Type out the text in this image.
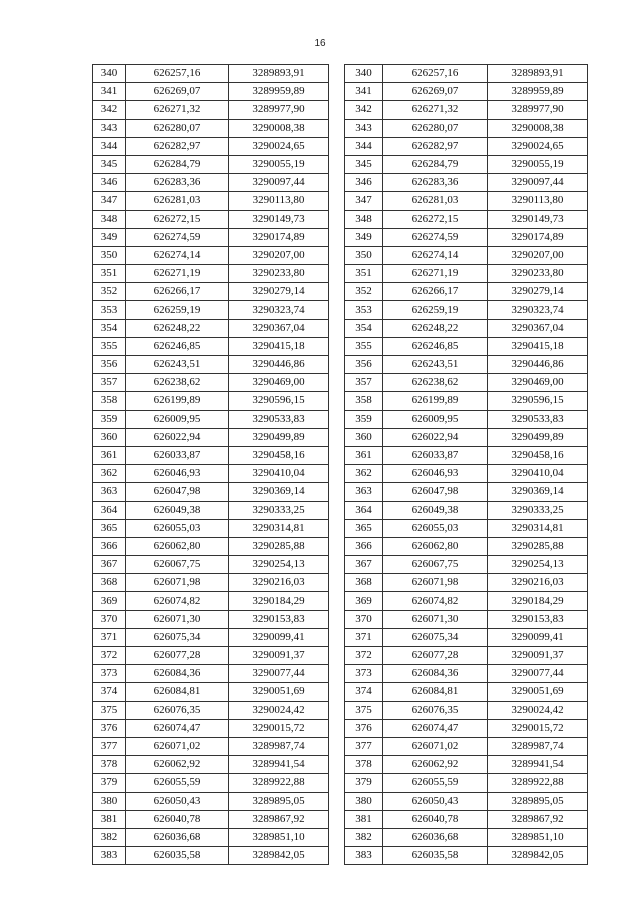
16
340	626257,16	3289893,91
341	626269,07	3289959,89
342	626271,32	3289977,90
343	626280,07	3290008,38
344	626282,97	3290024,65
345	626284,79	3290055,19
346	626283,36	3290097,44
347	626281,03	3290113,80
348	626272,15	3290149,73
349	626274,59	3290174,89
350	626274,14	3290207,00
351	626271,19	3290233,80
352	626266,17	3290279,14
353	626259,19	3290323,74
354	626248,22	3290367,04
355	626246,85	3290415,18
356	626243,51	3290446,86
357	626238,62	3290469,00
358	626199,89	3290596,15
359	626009,95	3290533,83
360	626022,94	3290499,89
361	626033,87	3290458,16
362	626046,93	3290410,04
363	626047,98	3290369,14
364	626049,38	3290333,25
365	626055,03	3290314,81
366	626062,80	3290285,88
367	626067,75	3290254,13
368	626071,98	3290216,03
369	626074,82	3290184,29
370	626071,30	3290153,83
371	626075,34	3290099,41
372	626077,28	3290091,37
373	626084,36	3290077,44
374	626084,81	3290051,69
375	626076,35	3290024,42
376	626074,47	3290015,72
377	626071,02	3289987,74
378	626062,92	3289941,54
379	626055,59	3289922,88
380	626050,43	3289895,05
381	626040,78	3289867,92
382	626036,68	3289851,10
383	626035,58	3289842,05
340	626257,16	3289893,91
341	626269,07	3289959,89
342	626271,32	3289977,90
343	626280,07	3290008,38
344	626282,97	3290024,65
345	626284,79	3290055,19
346	626283,36	3290097,44
347	626281,03	3290113,80
348	626272,15	3290149,73
349	626274,59	3290174,89
350	626274,14	3290207,00
351	626271,19	3290233,80
352	626266,17	3290279,14
353	626259,19	3290323,74
354	626248,22	3290367,04
355	626246,85	3290415,18
356	626243,51	3290446,86
357	626238,62	3290469,00
358	626199,89	3290596,15
359	626009,95	3290533,83
360	626022,94	3290499,89
361	626033,87	3290458,16
362	626046,93	3290410,04
363	626047,98	3290369,14
364	626049,38	3290333,25
365	626055,03	3290314,81
366	626062,80	3290285,88
367	626067,75	3290254,13
368	626071,98	3290216,03
369	626074,82	3290184,29
370	626071,30	3290153,83
371	626075,34	3290099,41
372	626077,28	3290091,37
373	626084,36	3290077,44
374	626084,81	3290051,69
375	626076,35	3290024,42
376	626074,47	3290015,72
377	626071,02	3289987,74
378	626062,92	3289941,54
379	626055,59	3289922,88
380	626050,43	3289895,05
381	626040,78	3289867,92
382	626036,68	3289851,10
383	626035,58	3289842,05
